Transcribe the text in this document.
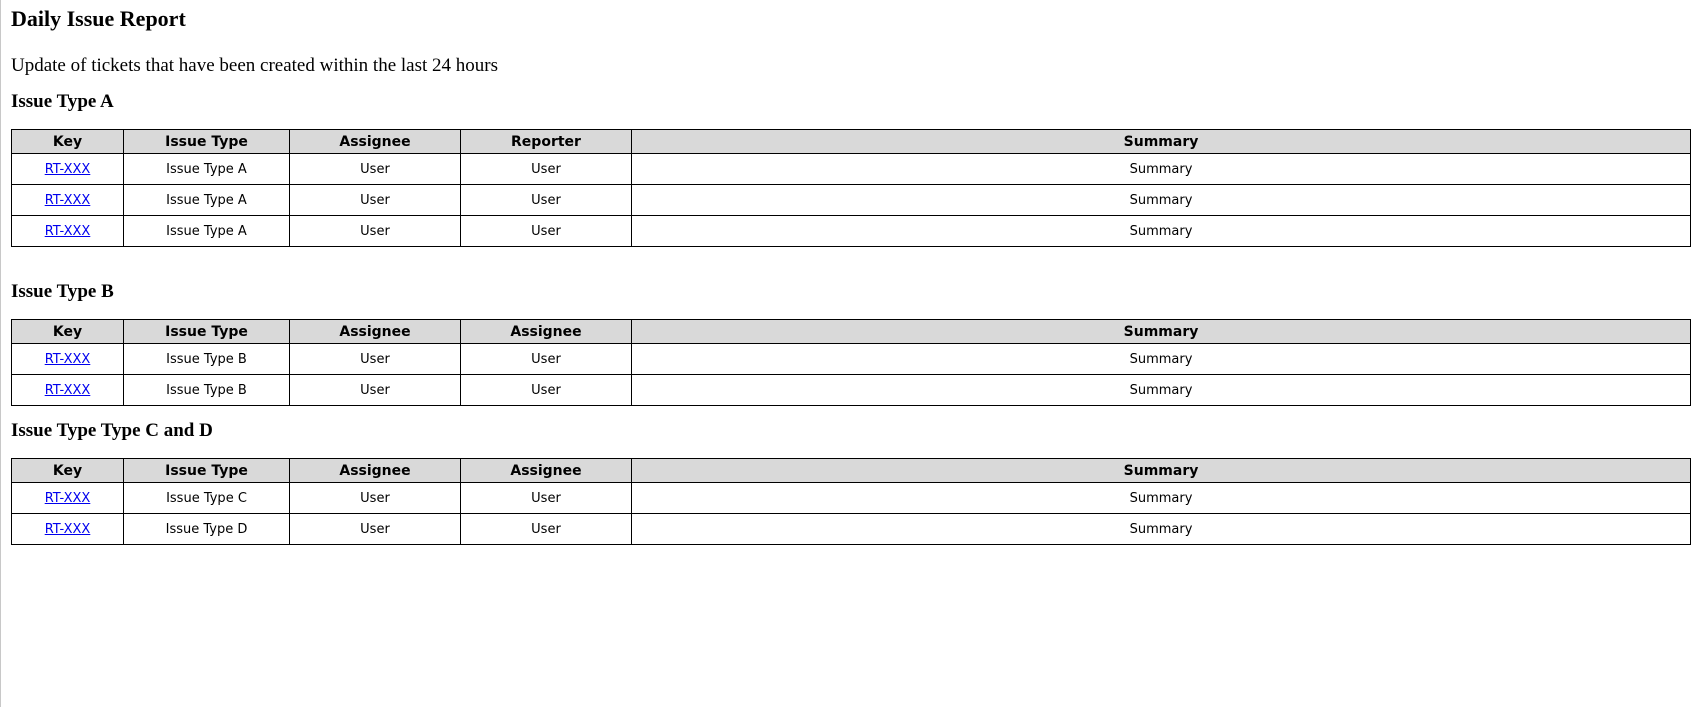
Daily Issue Report

Update of tickets that have been created within the last 24 hours

Issue Type A
Key	Issue Type	Assignee	Reporter	Summary
RT-XXX	Issue Type A	User	User	Summary
RT-XXX	Issue Type A	User	User	Summary
RT-XXX	Issue Type A	User	User	Summary
Issue Type B
Key	Issue Type	Assignee	Assignee	Summary
RT-XXX	Issue Type B	User	User	Summary
RT-XXX	Issue Type B	User	User	Summary
Issue Type Type C and D
Key	Issue Type	Assignee	Assignee	Summary
RT-XXX	Issue Type C	User	User	Summary
RT-XXX	Issue Type D	User	User	Summary
